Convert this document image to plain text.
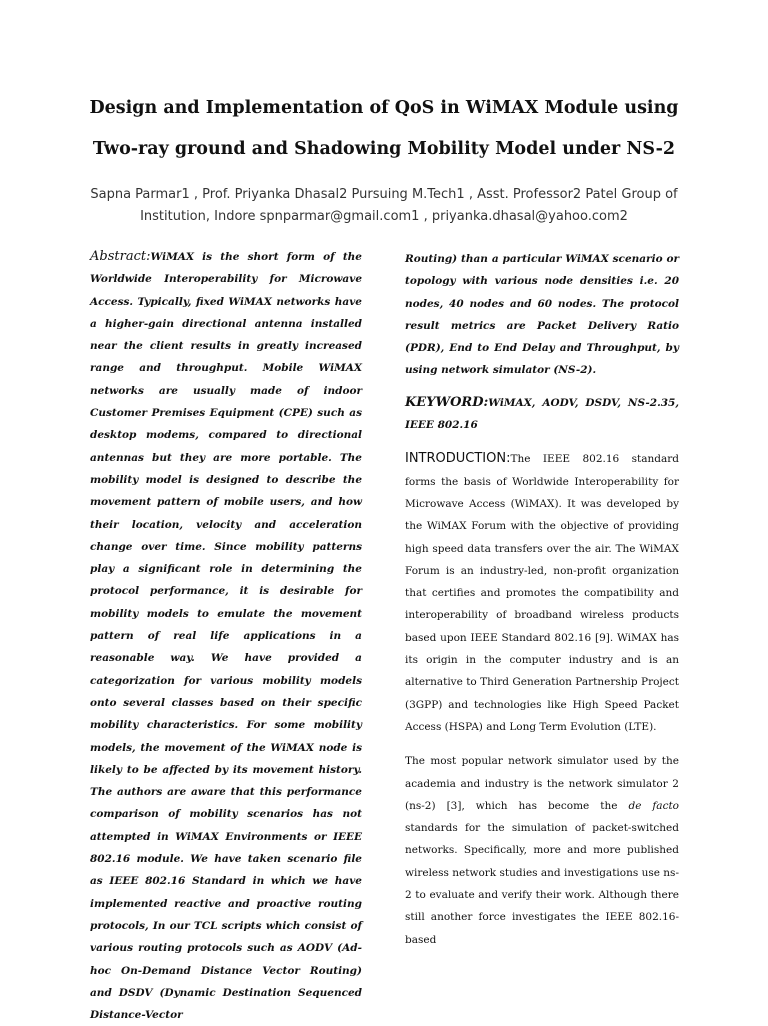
Design and Implementation of QoS in WiMAX Module using Two-ray ground and Shadowing Mobility Model under NS-2

Sapna Parmar1 , Prof. Priyanka Dhasal2 Pursuing M.Tech1 , Asst. Professor2 Patel Group of Institution, Indore spnparmar@gmail.com1 , priyanka.dhasal@yahoo.com2

Abstract:WiMAX is the short form of the Worldwide Interoperability for Microwave Access. Typically, fixed WiMAX networks have a higher-gain directional antenna installed near the client results in greatly increased range and throughput. Mobile WiMAX networks are usually made of indoor Customer Premises Equipment (CPE) such as desktop modems, compared to directional antennas but they are more portable. The mobility model is designed to describe the movement pattern of mobile users, and how their location, velocity and acceleration change over time. Since mobility patterns play a significant role in determining the protocol performance, it is desirable for mobility models to emulate the movement pattern of real life applications in a reasonable way. We have provided a categorization for various mobility models onto several classes based on their specific mobility characteristics. For some mobility models, the movement of the WiMAX node is likely to be affected by its movement history. The authors are aware that this performance comparison of mobility scenarios has not attempted in WiMAX Environments or IEEE 802.16 module. We have taken scenario file as IEEE 802.16 Standard in which we have implemented reactive and proactive routing protocols, In our TCL scripts which consist of various routing protocols such as AODV (Ad-hoc On-Demand Distance Vector Routing) and DSDV (Dynamic Destination Sequenced Distance-Vector

Routing) than a particular WiMAX scenario or topology with various node densities i.e. 20 nodes, 40 nodes and 60 nodes. The protocol result metrics are Packet Delivery Ratio (PDR), End to End Delay and Throughput, by using network simulator (NS-2).

KEYWORD:WiMAX, AODV, DSDV, NS-2.35, IEEE 802.16

INTRODUCTION:The IEEE 802.16 standard forms the basis of Worldwide Interoperability for Microwave Access (WiMAX). It was developed by the WiMAX Forum with the objective of providing high speed data transfers over the air. The WiMAX Forum is an industry-led, non-profit organization that certifies and promotes the compatibility and interoperability of broadband wireless products based upon IEEE Standard 802.16 [9]. WiMAX has its origin in the computer industry and is an alternative to Third Generation Partnership Project (3GPP) and technologies like High Speed Packet Access (HSPA) and Long Term Evolution (LTE).

The most popular network simulator used by the academia and industry is the network simulator 2 (ns-2) [3], which has become the de facto standards for the simulation of packet-switched networks. Specifically, more and more published wireless network studies and investigations use ns-2 to evaluate and verify their work. Although there still another force investigates the IEEE 802.16-based
